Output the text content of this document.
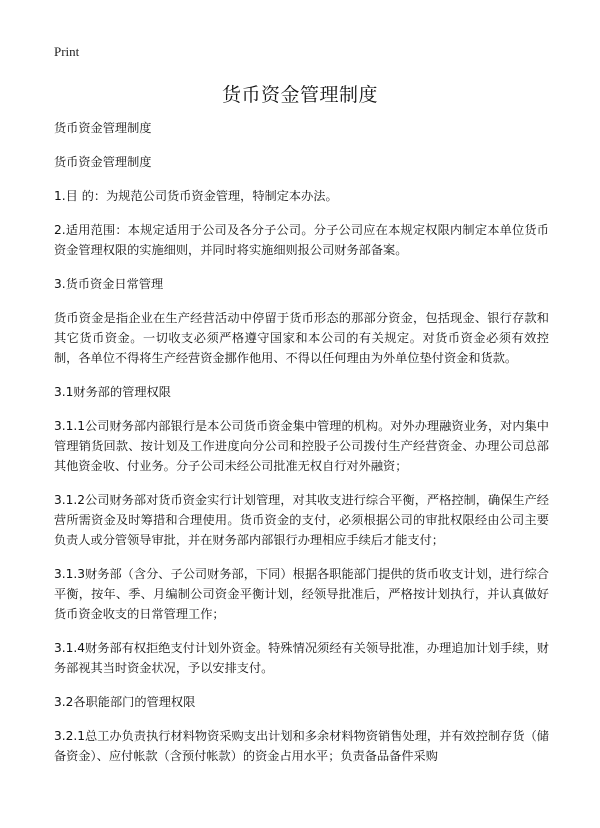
Print
货币资金管理制度

货币资金管理制度

货币资金管理制度

1.目 的：为规范公司货币资金管理，特制定本办法。

2.适用范围：本规定适用于公司及各分子公司。分子公司应在本规定权限内制定本单位货币资金管理权限的实施细则，并同时将实施细则报公司财务部备案。

3.货币资金日常管理

货币资金是指企业在生产经营活动中停留于货币形态的那部分资金，包括现金、银行存款和其它货币资金。一切收支必须严格遵守国家和本公司的有关规定。对货币资金必须有效控制，各单位不得将生产经营资金挪作他用、不得以任何理由为外单位垫付资金和货款。

3.1财务部的管理权限

3.1.1公司财务部内部银行是本公司货币资金集中管理的机构。对外办理融资业务，对内集中管理销货回款、按计划及工作进度向分公司和控股子公司拨付生产经营资金、办理公司总部其他资金收、付业务。分子公司未经公司批准无权自行对外融资；

3.1.2公司财务部对货币资金实行计划管理，对其收支进行综合平衡，严格控制，确保生产经营所需资金及时筹措和合理使用。货币资金的支付，必须根据公司的审批权限经由公司主要负责人或分管领导审批，并在财务部内部银行办理相应手续后才能支付；

3.1.3财务部（含分、子公司财务部，下同）根据各职能部门提供的货币收支计划，进行综合平衡，按年、季、月编制公司资金平衡计划，经领导批准后，严格按计划执行，并认真做好货币资金收支的日常管理工作；

3.1.4财务部有权拒绝支付计划外资金。特殊情况须经有关领导批准，办理追加计划手续，财务部视其当时资金状况，予以安排支付。

3.2各职能部门的管理权限

3.2.1总工办负责执行材料物资采购支出计划和多余材料物资销售处理，并有效控制存货（储备资金）、应付帐款（含预付帐款）的资金占用水平；负责备品备件采购
